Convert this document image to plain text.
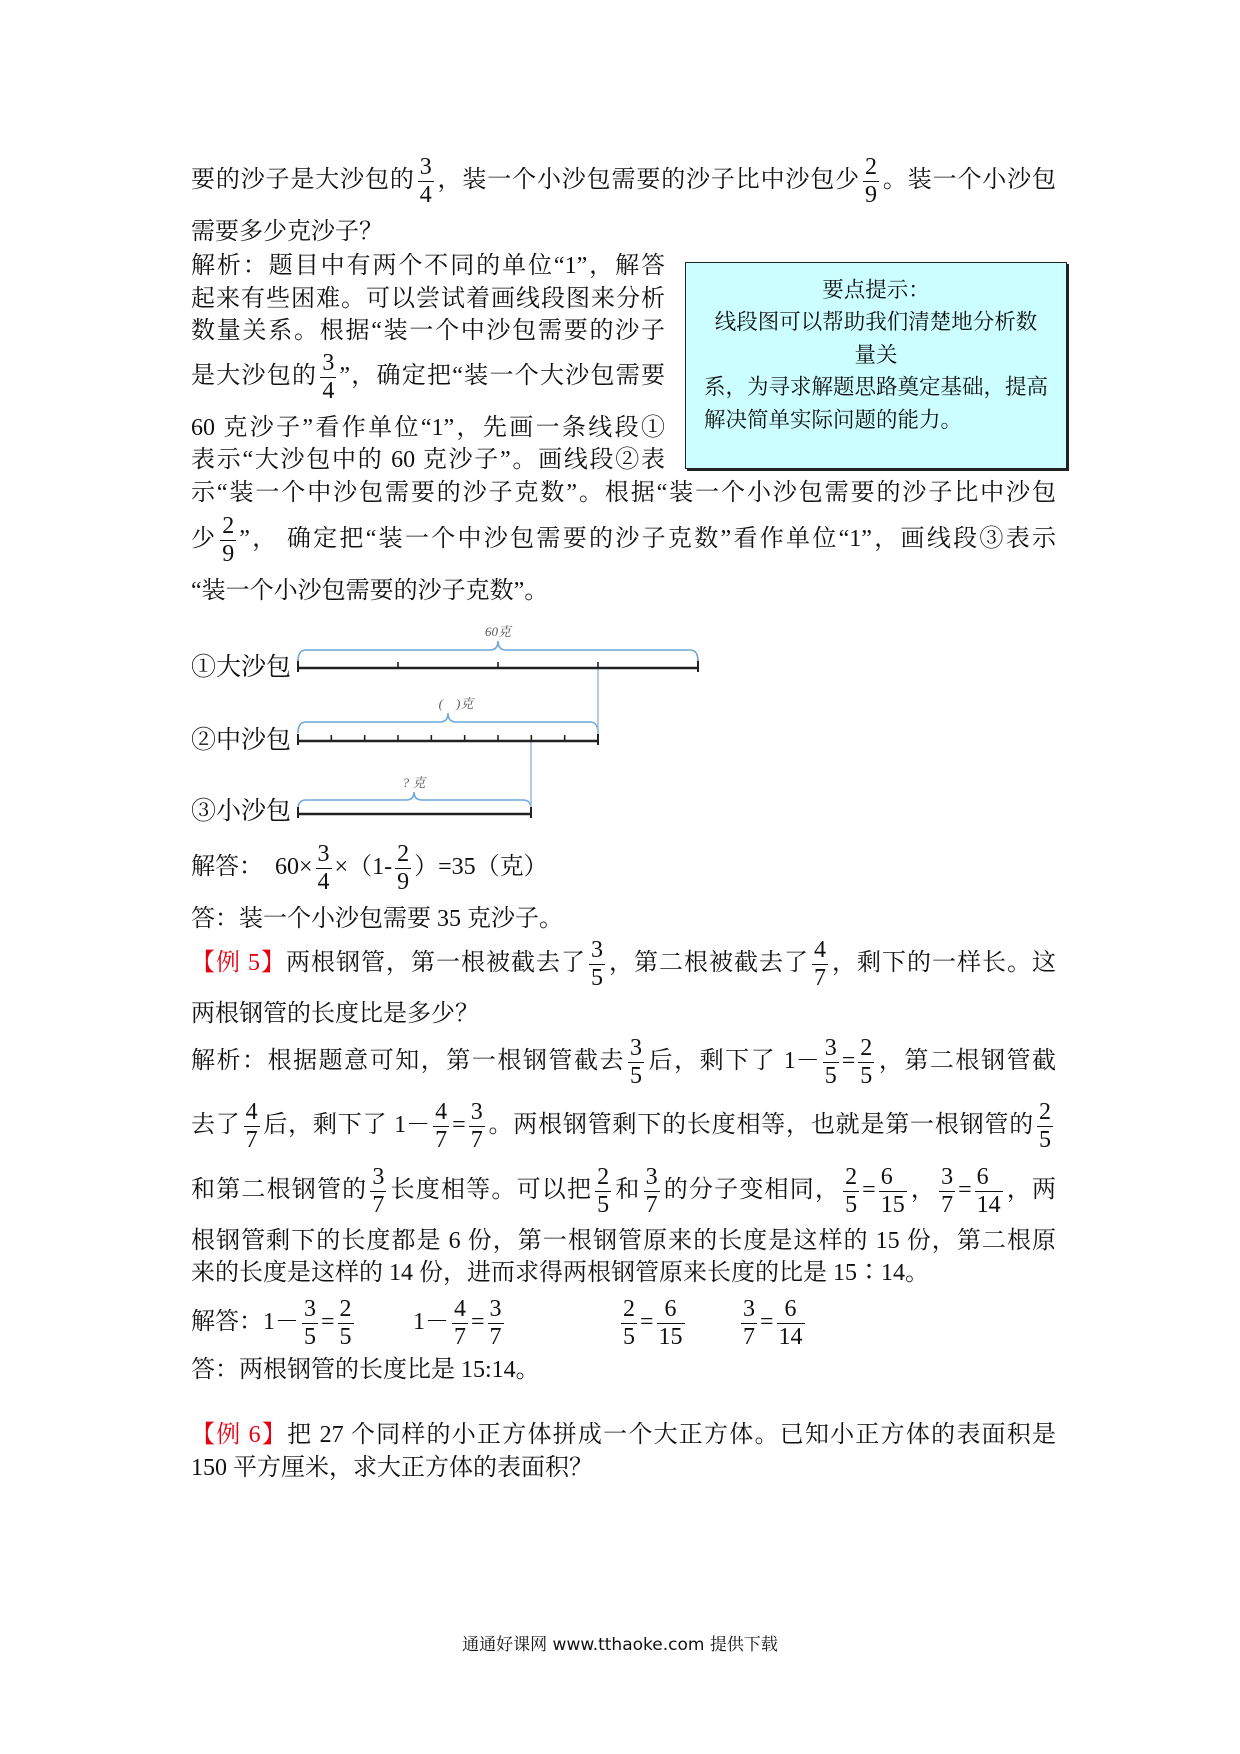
要的沙子是大沙包的 $\frac{3}{4}$ ，装一个小沙包需要的沙子比中沙包少 $\frac{2}{9}$ 。装一个小沙包
需要多少克沙子？
解析：题目中有两个不同的单位“1”，解答
起来有些困难。可以尝试着画线段图来分析
数量关系。根据“装一个中沙包需要的沙子
是大沙包的 $\frac{3}{4}$ ”，确定把“装一个大沙包需要
60 克沙子”看作单位“1”，先画一条线段①
表示“大沙包中的 60 克沙子”。画线段②表
示“装一个中沙包需要的沙子克数”。根据“装一个小沙包需要的沙子比中沙包
少 $\frac{2}{9}$ ”， 确定把“装一个中沙包需要的沙子克数”看作单位“1”，画线段③表示
“装一个小沙包需要的沙子克数”。
要点提示：
线段图可以帮助我们清楚地分析数
量关
系，为寻求解题思路奠定基础，提高
解决简单实际问题的能力。
①大沙包
②中沙包
③小沙包
60克
(    )克
? 克
解答： $60\times \frac{3}{4} \times(1- \frac{2}{9} )=35$（克）
答：装一个小沙包需要 35 克沙子。
【例 5】两根钢管，第一根被截去了 $\frac{3}{5}$ ，第二根被截去了 $\frac{4}{7}$ ，剩下的一样长。这
两根钢管的长度比是多少？
解析：根据题意可知，第一根钢管截去 $\frac{3}{5}$ 后，剩下了 $1- \frac{3}{5} = \frac{2}{5}$ ，第二根钢管截
去了 $\frac{4}{7}$ 后，剩下了 $1- \frac{4}{7} = \frac{3}{7}$ 。两根钢管剩下的长度相等，也就是第一根钢管的 $\frac{2}{5}$
和第二根钢管的 $\frac{3}{7}$ 长度相等。可以把 $\frac{2}{5}$ 和 $\frac{3}{7}$ 的分子变相同， $\frac{2}{5} = \frac{6}{15}$ ， $\frac{3}{7} = \frac{6}{14}$ ，两
根钢管剩下的长度都是 6 份，第一根钢管原来的长度是这样的 15 份，第二根原
来的长度是这样的 14 份，进而求得两根钢管原来长度的比是 15∶14。
解答：$1- \frac{3}{5} = \frac{2}{5} 1- \frac{4}{7} = \frac{3}{7}$	$\frac{2}{5} = \frac{6}{15} \frac{3}{7} = \frac{6}{14}$
答：两根钢管的长度比是 15:14。
【例 6】把 27 个同样的小正方体拼成一个大正方体。已知小正方体的表面积是
150 平方厘米，求大正方体的表面积？
通通好课网 www.tthaoke.com 提供下载
